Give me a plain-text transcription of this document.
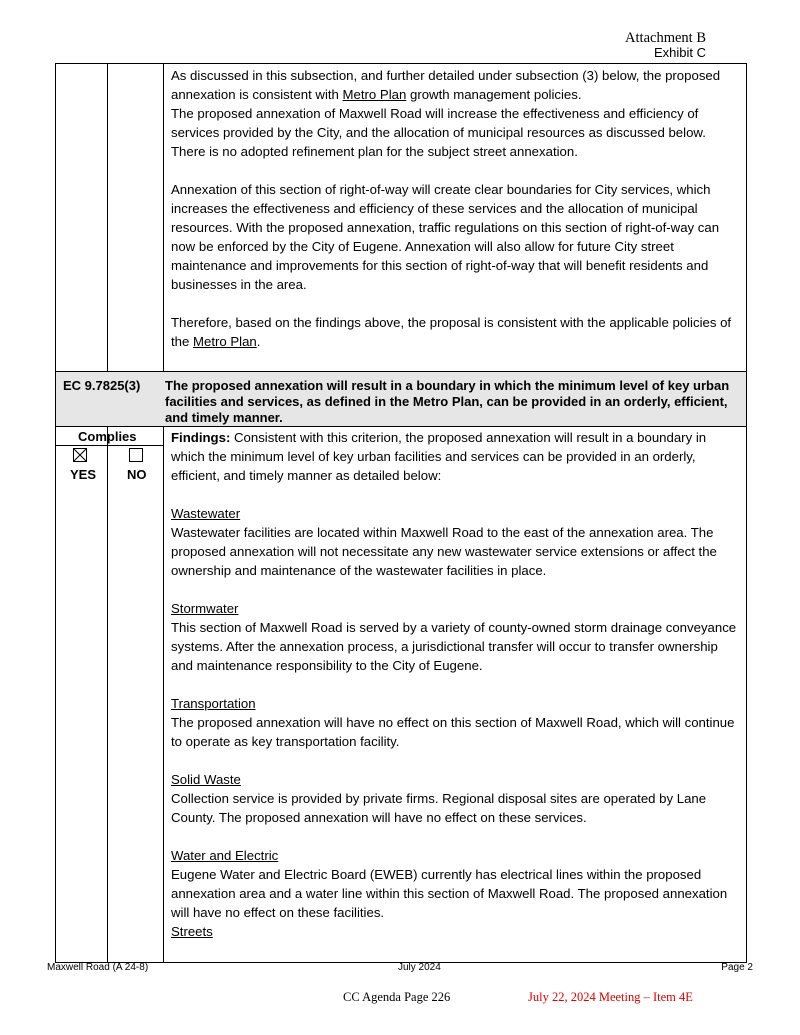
Attachment B
Exhibit C

As discussed in this subsection, and further detailed under subsection (3) below, the proposed annexation is consistent with Metro Plan growth management policies.

The proposed annexation of Maxwell Road will increase the effectiveness and efficiency of services provided by the City, and the allocation of municipal resources as discussed below. There is no adopted refinement plan for the subject street annexation.

Annexation of this section of right-of-way will create clear boundaries for City services, which increases the effectiveness and efficiency of these services and the allocation of municipal resources. With the proposed annexation, traffic regulations on this section of right-of-way can now be enforced by the City of Eugene. Annexation will also allow for future City street maintenance and improvements for this section of right-of-way that will benefit residents and businesses in the area.

Therefore, based on the findings above, the proposal is consistent with the applicable policies of the Metro Plan.

EC 9.7825(3) The proposed annexation will result in a boundary in which the minimum level of key urban facilities and services, as defined in the Metro Plan, can be provided in an orderly, efficient, and timely manner.
Complies
YES NO

Findings: Consistent with this criterion, the proposed annexation will result in a boundary in which the minimum level of key urban facilities and services can be provided in an orderly, efficient, and timely manner as detailed below:

Wastewater

Wastewater facilities are located within Maxwell Road to the east of the annexation area. The proposed annexation will not necessitate any new wastewater service extensions or affect the ownership and maintenance of the wastewater facilities in place.

Stormwater

This section of Maxwell Road is served by a variety of county-owned storm drainage conveyance systems. After the annexation process, a jurisdictional transfer will occur to transfer ownership and maintenance responsibility to the City of Eugene.

Transportation

The proposed annexation will have no effect on this section of Maxwell Road, which will continue to operate as key transportation facility.

Solid Waste

Collection service is provided by private firms. Regional disposal sites are operated by Lane County. The proposed annexation will have no effect on these services.

Water and Electric

Eugene Water and Electric Board (EWEB) currently has electrical lines within the proposed annexation area and a water line within this section of Maxwell Road. The proposed annexation will have no effect on these facilities.

Streets

Maxwell Road (A 24-8)	July 2024	Page 2
CC Agenda Page 226	July 22, 2024 Meeting – Item 4E
